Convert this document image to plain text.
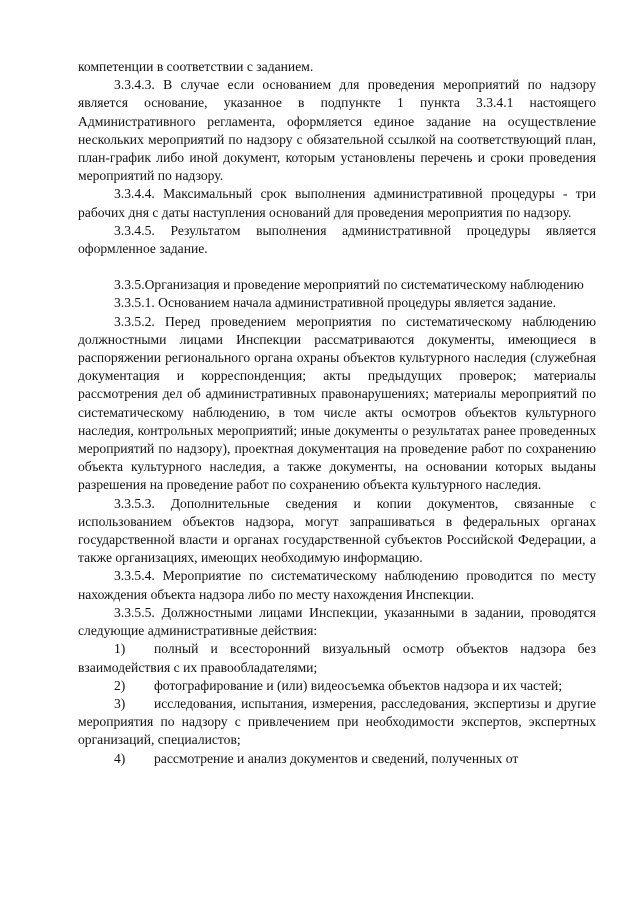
компетенции в соответствии с заданием.

3.3.4.3. В случае если основанием для проведения мероприятий по надзору является основание, указанное в подпункте 1 пункта 3.3.4.1 настоящего Административного регламента, оформляется единое задание на осуществление нескольких мероприятий по надзору с обязательной ссылкой на соответствующий план, план-график либо иной документ, которым установлены перечень и сроки проведения мероприятий по надзору.

3.3.4.4. Максимальный срок выполнения административной процедуры - три рабочих дня с даты наступления оснований для проведения мероприятия по надзору.

3.3.4.5. Результатом выполнения административной процедуры является оформленное задание.

3.3.5.Организация и проведение мероприятий по систематическому наблюдению

3.3.5.1. Основанием начала административной процедуры является задание.

3.3.5.2. Перед проведением мероприятия по систематическому наблюдению должностными лицами Инспекции рассматриваются документы, имеющиеся в распоряжении регионального органа охраны объектов культурного наследия (служебная документация и корреспонденция; акты предыдущих проверок; материалы рассмотрения дел об административных правонарушениях; материалы мероприятий по систематическому наблюдению, в том числе акты осмотров объектов культурного наследия, контрольных мероприятий; иные документы о результатах ранее проведенных мероприятий по надзору), проектная документация на проведение работ по сохранению объекта культурного наследия, а также документы, на основании которых выданы разрешения на проведение работ по сохранению объекта культурного наследия.

3.3.5.3. Дополнительные сведения и копии документов, связанные с использованием объектов надзора, могут запрашиваться в федеральных органах государственной власти и органах государственной субъектов Российской Федерации, а также организациях, имеющих необходимую информацию.

3.3.5.4. Мероприятие по систематическому наблюдению проводится по месту нахождения объекта надзора либо по месту нахождения Инспекции.

3.3.5.5. Должностными лицами Инспекции, указанными в задании, проводятся следующие административные действия:

1) полный и всесторонний визуальный осмотр объектов надзора без взаимодействия с их правообладателями;

2) фотографирование и (или) видеосъемка объектов надзора и их частей;

3) исследования, испытания, измерения, расследования, экспертизы и другие мероприятия по надзору с привлечением при необходимости экспертов, экспертных организаций, специалистов;

4) рассмотрение и анализ документов и сведений, полученных от
